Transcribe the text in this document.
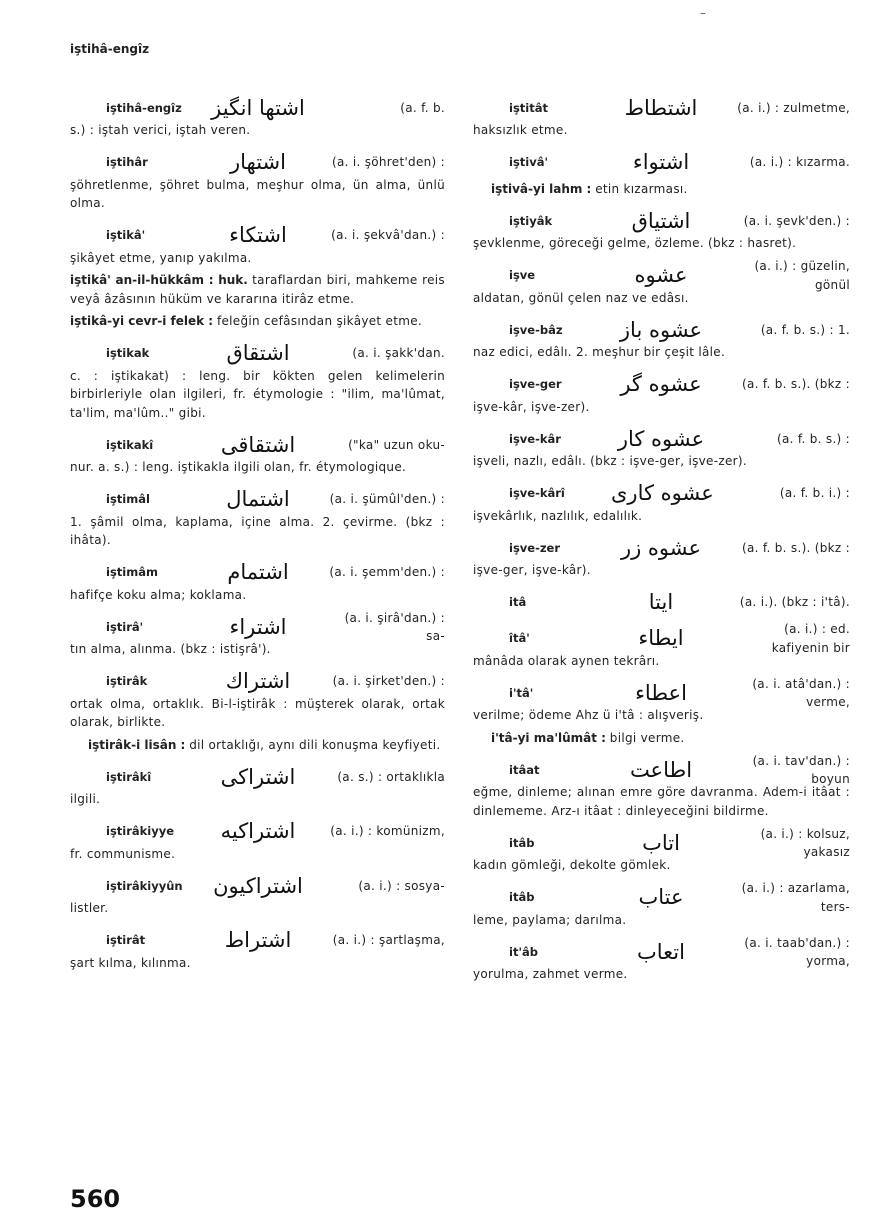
–
iştihâ-engîz
iştihâ-engîz	اشتها انگیز	(a. f. b.
s.) : iştah verici, iştah veren.
iştihâr	اشتهار	(a. i. şöhret'den) :
şöhretlenme, şöhret bulma, meşhur olma, ün alma, ünlü olma.
iştikâ'	اشتكاء	(a. i. şekvâ'dan.) :
şikâyet etme, yanıp yakılma.
iştikâ' an-il-hükkâm : huk. taraflardan biri, mahkeme reis veyâ âzâsının hüküm ve kararına itirâz etme.
iştikâ-yi cevr-i felek : feleğin cefâsından şikâyet etme.
iştikak	اشتقاق	(a. i. şakk'dan.
c. : iştikakat) : leng. bir kökten gelen kelimelerin birbirleriyle olan ilgileri, fr. étymologie : "ilim, ma'lûmat, ta'lim, ma'lûm.." gibi.
iştikakî	اشتقاقى	("ka" uzun oku-
nur. a. s.) : leng. iştikakla ilgili olan, fr. étymologique.
iştimâl	اشتمال	(a. i. şümûl'den.) :
1. şâmil olma, kaplama, içine alma. 2. çevirme. (bkz : ihâta).
iştimâm	اشتمام	(a. i. şemm'den.) :
hafifçe koku alma; koklama.
iştirâ'	اشتراء	(a. i. şirâ'dan.) : sa-
tın alma, alınma. (bkz : istişrâ').
iştirâk	اشتراك	(a. i. şirket'den.) :
ortak olma, ortaklık. Bi-l-iştirâk : müşterek olarak, ortak olarak, birlikte.
iştirâk-i lisân : dil ortaklığı, aynı dili konuşma keyfiyeti.
iştirâkî	اشتراكى	(a. s.) : ortaklıkla
ilgili.
iştirâkiyye	اشتراكيه	(a. i.) : komünizm,
fr. communisme.
iştirâkiyyûn	اشتراكيون	(a. i.) : sosya-
listler.
iştirât	اشتراط	(a. i.) : şartlaşma,
şart kılma, kılınma.
iştitât	اشتطاط	(a. i.) : zulmetme,
haksızlık etme.
iştivâ'	اشتواء	(a. i.) : kızarma.
iştivâ-yi lahm : etin kızarması.
iştiyâk	اشتياق	(a. i. şevk'den.) :
şevklenme, göreceği gelme, özleme. (bkz : hasret).
işve	عشوه	(a. i.) : güzelin, gönül
aldatan, gönül çelen naz ve edâsı.
işve-bâz	عشوه باز	(a. f. b. s.) : 1.
naz edici, edâlı. 2. meşhur bir çeşit lâle.
işve-ger	عشوه گر	(a. f. b. s.). (bkz :
işve-kâr, işve-zer).
işve-kâr	عشوه كار	(a. f. b. s.) :
işveli, nazlı, edâlı. (bkz : işve-ger, işve-zer).
işve-kârî	عشوه كارى	(a. f. b. i.) :
işvekârlık, nazlılık, edalılık.
işve-zer	عشوه زر	(a. f. b. s.). (bkz :
işve-ger, işve-kâr).
itâ	ايتا	(a. i.). (bkz : i'tâ).
îtâ'	ايطاء	(a. i.) : ed. kafiyenin bir
mânâda olarak aynen tekrârı.
i'tâ'	اعطاء	(a. i. atâ'dan.) : verme,
verilme; ödeme Ahz ü i'tâ : alışveriş.
i'tâ-yi ma'lûmât : bilgi verme.
itâat	اطاعت	(a. i. tav'dan.) : boyun
eğme, dinleme; alınan emre göre davranma. Adem-i itâat : dinlememe. Arz-ı itâat : dinleyeceğini bildirme.
itâb	اتاب	(a. i.) : kolsuz, yakasız
kadın gömleği, dekolte gömlek.
itâb	عتاب	(a. i.) : azarlama, ters-
leme, paylama; darılma.
it'âb	اتعاب	(a. i. taab'dan.) : yorma,
yorulma, zahmet verme.
560
